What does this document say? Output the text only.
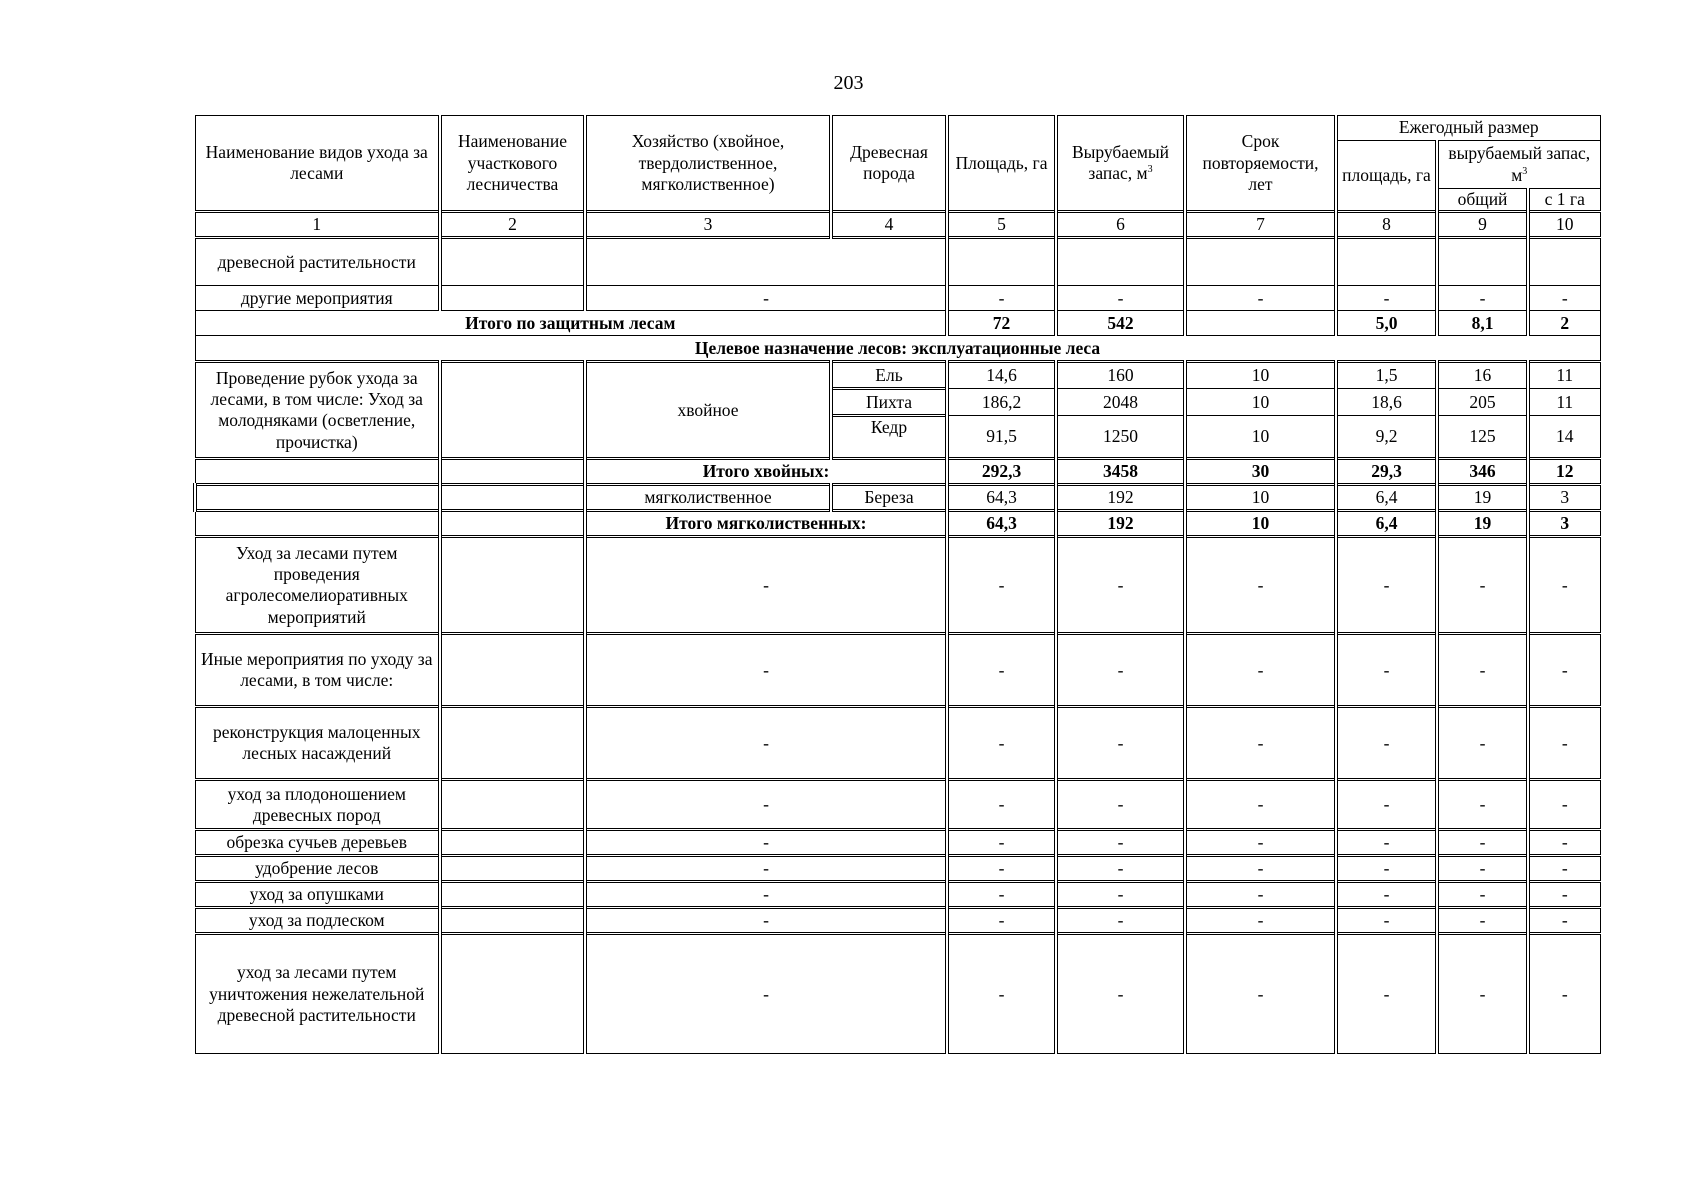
203
Наименование видов ухода за лесами	Наименование участкового лесничества	Хозяйство (хвойное, твердолиственное, мягколиственное)	Древесная порода	Площадь, га	Вырубаемый запас, $м^3$	Срок повторяемости, лет	Ежегодный размер		
							площадь, га	вырубаемый запас, $м^3$
								общий	с 1 га
1	2	3	4	5	6	7	8	9	10
древесной растительности									
другие мероприятия		-		-	-	-	-	-	-
Итого по защитным лесам				72	542		5,0	8,1	2
Целевое назначение лесов: эксплуатационные леса									
Проведение рубок ухода за лесами, в том числе: Уход за молодняками (осветление, прочистка)		хвойное	Ель	14,6	160	10	1,5	16	11
			Пихта	186,2	2048	10	18,6	205	11
			Кедр	91,5	1250	10	9,2	125	14
		Итого хвойных:		292,3	3458	30	29,3	346	12
		мягколиственное	Береза	64,3	192	10	6,4	19	3
		Итого мягколиственных:		64,3	192	10	6,4	19	3
Уход за лесами путем проведения агролесомелиоративных мероприятий		-		-	-	-	-	-	-
Иные мероприятия по уходу за лесами, в том числе:		-		-	-	-	-	-	-
реконструкция малоценных лесных насаждений		-		-	-	-	-	-	-
уход за плодоношением древесных пород		-		-	-	-	-	-	-
обрезка сучьев деревьев		-		-	-	-	-	-	-
удобрение лесов		-		-	-	-	-	-	-
уход за опушками		-		-	-	-	-	-	-
уход за подлеском		-		-	-	-	-	-	-
уход за лесами путем уничтожения нежелательной древесной растительности		-		-	-	-	-	-	-
